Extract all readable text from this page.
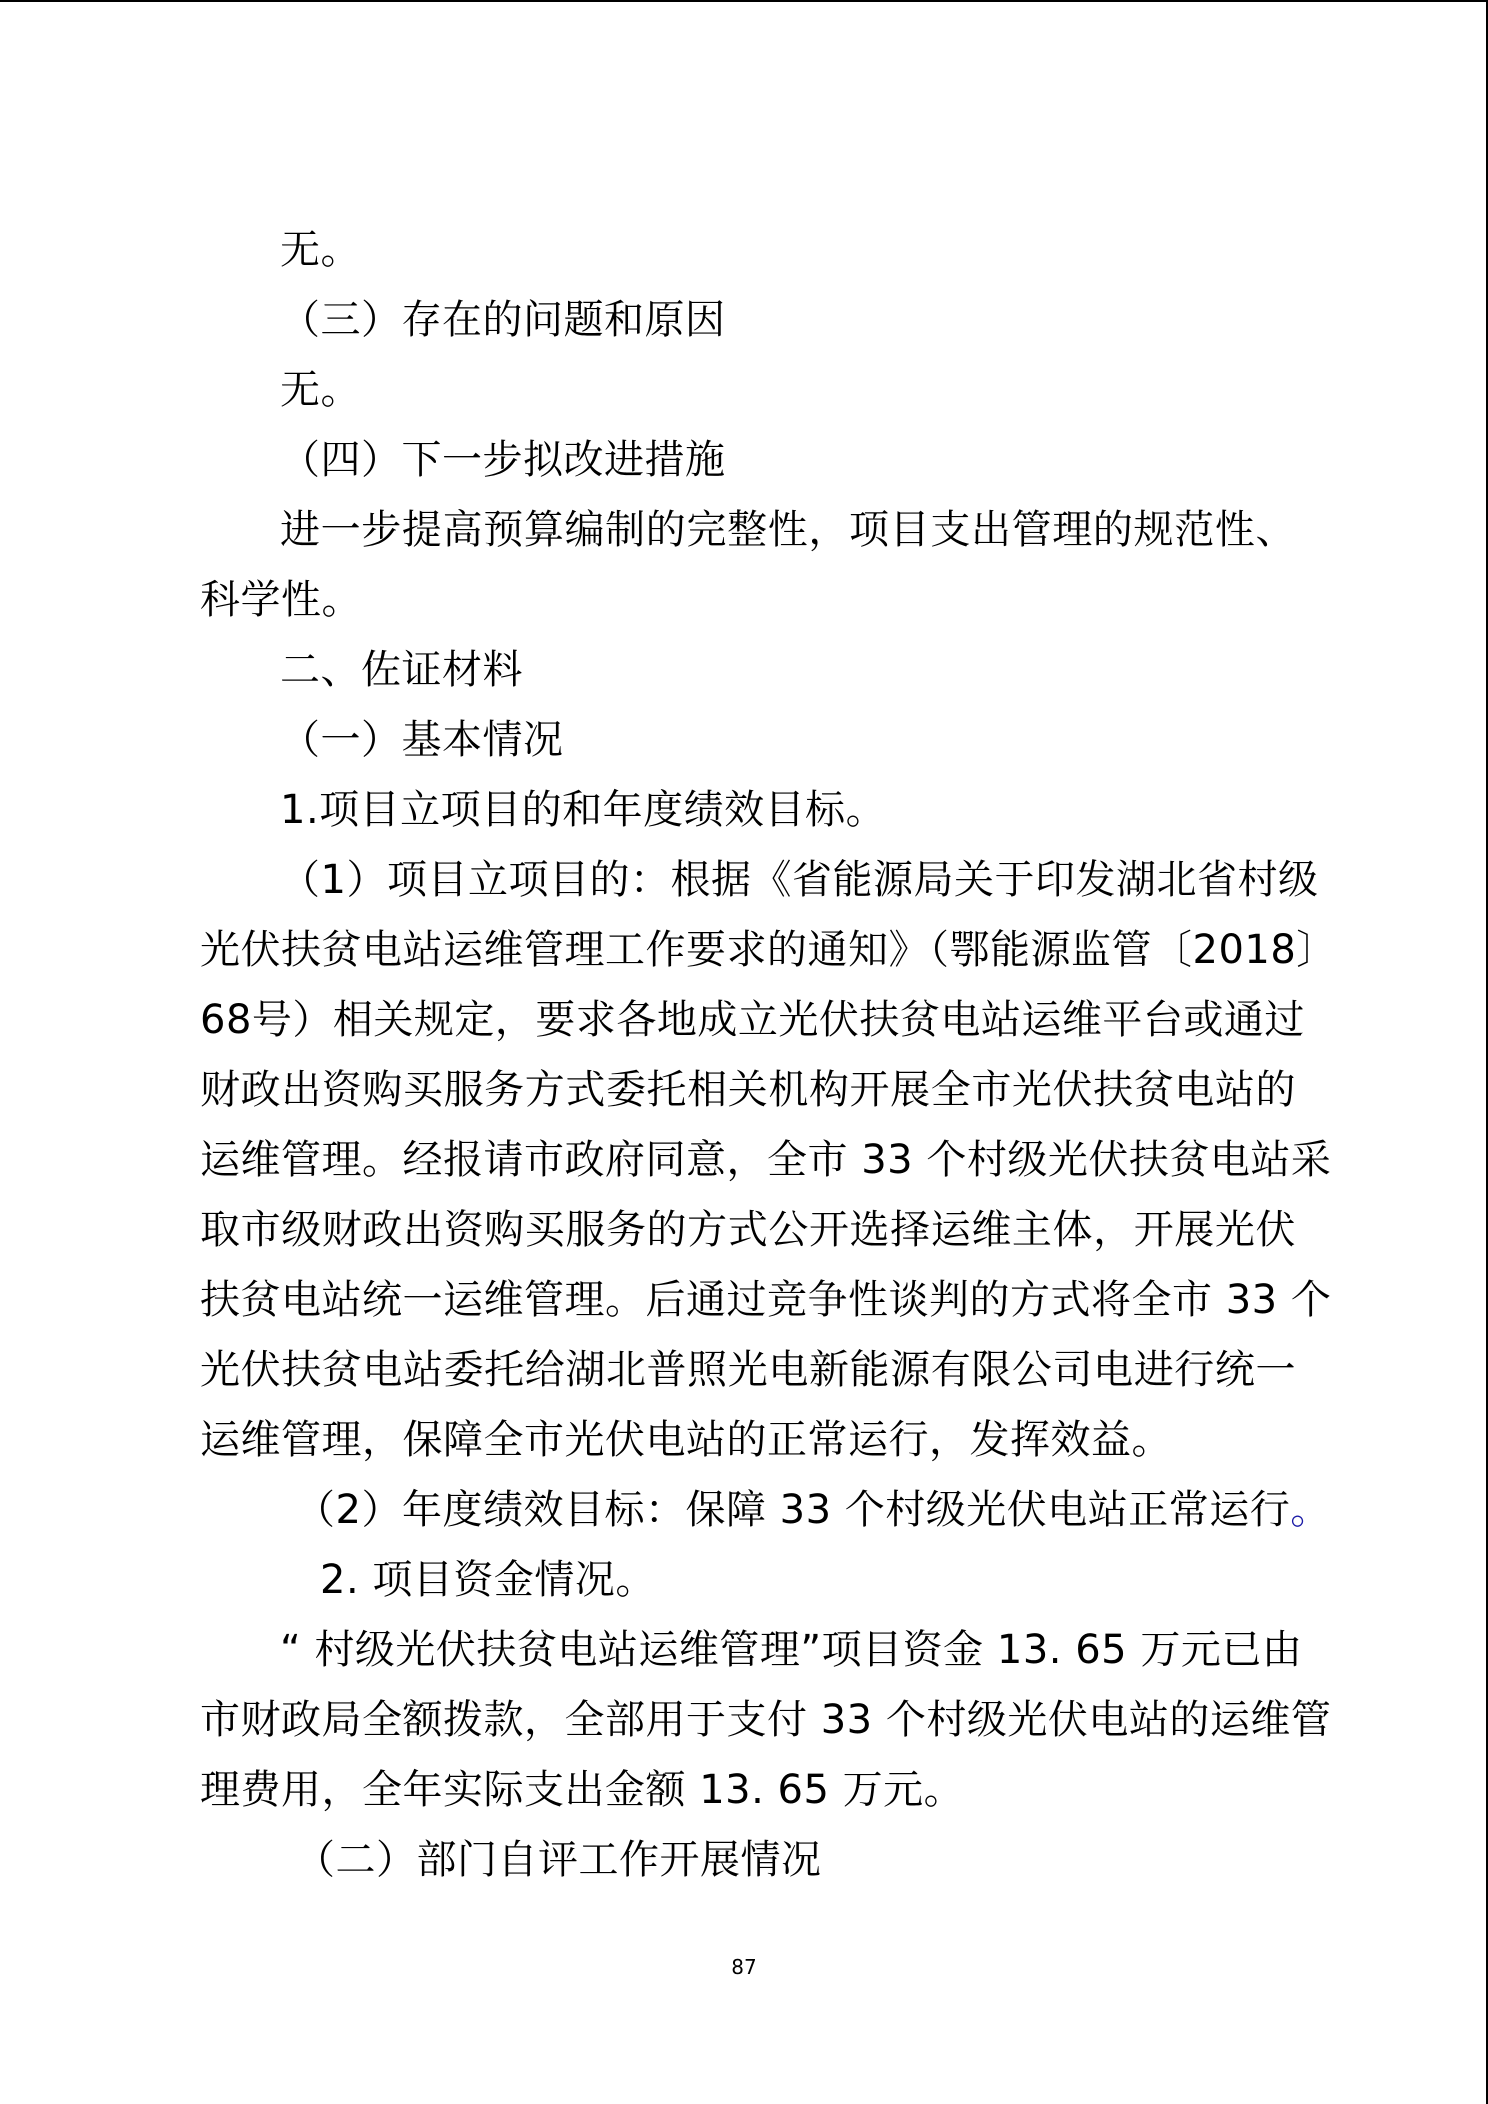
无。
（三）存在的问题和原因
无。
（四）下一步拟改进措施
进一步提高预算编制的完整性，项目支出管理的规范性、
科学性。
二、佐证材料
（一）基本情况
1.项目立项目的和年度绩效目标。
（1）项目立项目的：根据《省能源局关于印发湖北省村级
光伏扶贫电站运维管理工作要求的通知》（鄂能源监管〔2018〕
68号）相关规定，要求各地成立光伏扶贫电站运维平台或通过
财政出资购买服务方式委托相关机构开展全市光伏扶贫电站的
运维管理。经报请市政府同意，全市 33 个村级光伏扶贫电站采
取市级财政出资购买服务的方式公开选择运维主体，开展光伏
扶贫电站统一运维管理。后通过竞争性谈判的方式将全市 33 个
光伏扶贫电站委托给湖北普照光电新能源有限公司电进行统一
运维管理，保障全市光伏电站的正常运行，发挥效益。
（2）年度绩效目标：保障 33 个村级光伏电站正常运行。
2. 项目资金情况。
“ 村级光伏扶贫电站运维管理”项目资金 13. 65 万元已由
市财政局全额拨款，全部用于支付 33 个村级光伏电站的运维管
理费用，全年实际支出金额 13. 65 万元。
（二）部门自评工作开展情况
87
